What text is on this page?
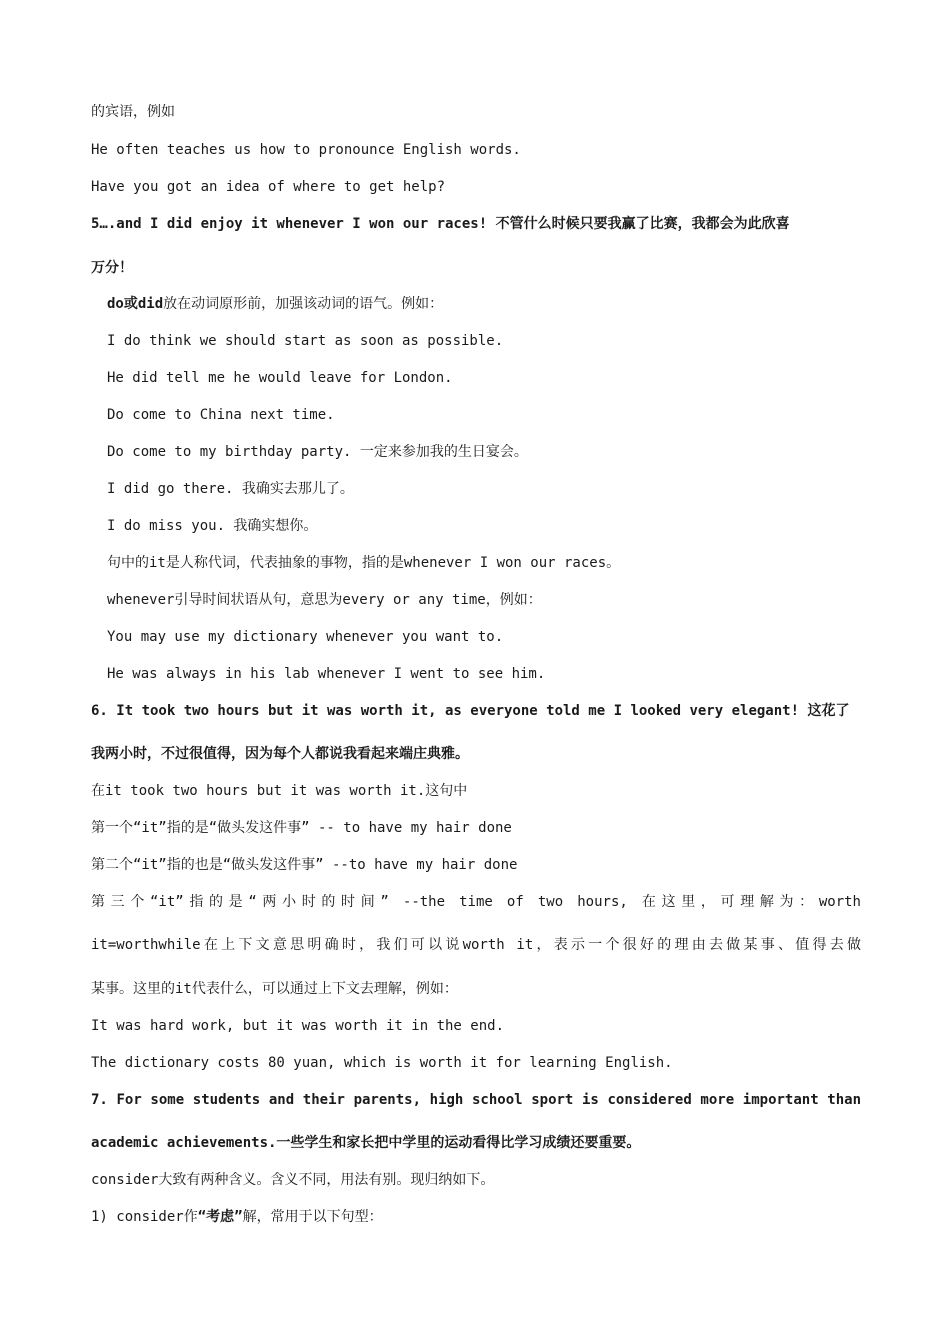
的宾语，例如
He often teaches us how to pronounce English words.
Have you got an idea of where to get help?
5….and I did enjoy it whenever I won our races! 不管什么时候只要我赢了比赛，我都会为此欣喜
万分！
do或did放在动词原形前，加强该动词的语气。例如：
I do think we should start as soon as possible.
He did tell me he would leave for London.
Do come to China next time.
Do come to my birthday party. 一定来参加我的生日宴会。
I did go there. 我确实去那儿了。
I do miss you. 我确实想你。
句中的it是人称代词，代表抽象的事物，指的是whenever I won our races。
whenever引导时间状语从句，意思为every or any time，例如：
You may use my dictionary whenever you want to.
He was always in his lab whenever I went to see him.
6. It took two hours but it was worth it, as everyone told me I looked very elegant! 这花了
我两小时，不过很值得，因为每个人都说我看起来端庄典雅。
在it took two hours but it was worth it.这句中
第一个“it”指的是“做头发这件事” -- to have my hair done
第二个“it”指的也是“做头发这件事” --to have my hair done
第三个“it”指的是“两小时的时间” --the time of two hours, 在这里，可理解为：worth
it=worthwhile在上下文意思明确时，我们可以说worth it，表示一个很好的理由去做某事、值得去做
某事。这里的it代表什么，可以通过上下文去理解，例如：
It was hard work, but it was worth it in the end.
The dictionary costs 80 yuan, which is worth it for learning English.
7. For some students and their parents, high school sport is considered more important than
academic achievements.一些学生和家长把中学里的运动看得比学习成绩还要重要。
consider大致有两种含义。含义不同，用法有别。现归纳如下。
1) consider作“考虑”解，常用于以下句型：
